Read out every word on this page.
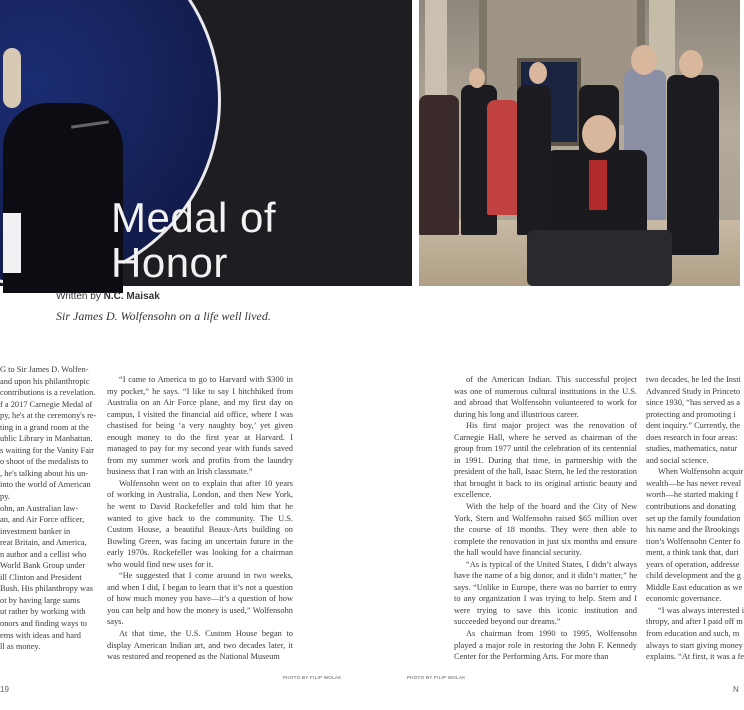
Medal of
Honor
Written by N.C. Maisak
Sir James D. Wolfensohn on a life well lived.
G to Sir James D. Wolfen-
and upon his philanthropic
contributions is a revelation.
f a 2017 Carnegie Medal of
py, he's at the ceremony's re-
ting in a grand room at the
ublic Library in Manhattan.
s waiting for the Vanity Fair
o shoot of the medalists to
, he's talking about his un-
into the world of American
py.
ohn, an Australian law-
an, and Air Force officer,
investment banker in
reat Britain, and America,
n author and a cellist who
World Bank Group under
ill Clinton and President
Bush. His philanthropy was
ot by having large sums
ut rather by working with
onors and finding ways to
ems with ideas and hard
ll as money.

“I came to America to go to Harvard with $300 in my pocket,” he says. “I like to say I hitchhiked from Australia on an Air Force plane, and my first day on campus, I visited the financial aid office, where I was chastised for being ‘a very naughty boy,’ yet given enough money to do the first year at Harvard. I managed to pay for my second year with funds saved from my summer work and profits from the laundry business that I ran with an Irish classmate.”

Wolfensohn went on to explain that after 10 years of working in Australia, London, and then New York, he went to David Rockefeller and told him that he wanted to give back to the community. The U.S. Custom House, a beautiful Beaux-Arts building on Bowling Green, was facing an uncertain future in the early 1970s. Rockefeller was looking for a chairman who would find new uses for it.

“He suggested that I come around in two weeks, and when I did, I began to learn that it’s not a question of how much money you have—it’s a question of how you can help and how the money is used,” Wolfensohn says.

At that time, the U.S. Custom House began to display American Indian art, and two decades later, it was restored and reopened as the National Museum

of the American Indian. This successful project was one of numerous cultural institutions in the U.S. and abroad that Wolfensohn volunteered to work for during his long and illustrious career.

His first major project was the renovation of Carnegie Hall, where he served as chairman of the group from 1977 until the celebration of its centennial in 1991. During that time, in partnership with the president of the hall, Isaac Stern, he led the restoration that brought it back to its original artistic beauty and excellence.

With the help of the board and the City of New York, Stern and Wolfensohn raised $65 million over the course of 18 months. They were then able to complete the renovation in just six months and ensure the hall would have financial security.

“As is typical of the United States, I didn’t always have the name of a big donor, and it didn’t matter,” he says. “Unlike in Europe, there was no barrier to entry to any organization I was trying to help. Stern and I were trying to save this iconic institution and succeeded beyond our dreams.”

As chairman from 1990 to 1995, Wolfensohn played a major role in restoring the John F. Kennedy Center for the Performing Arts. For more than

two decades, he led the Insti
Advanced Study in Princeto
since 1930, “has served as a
protecting and promoting i
dent inquiry.” Currently, the
does research in four areas:
studies, mathematics, natur
and social science.
When Wolfensohn acquir
wealth—he has never reveal
worth—he started making f
contributions and donating
set up the family foundation
his name and the Brookings
tion’s Wolfensohn Center fo
ment, a think tank that, duri
years of operation, addresse
child development and the g
Middle East education as we
economic governance.
“I was always interested i
thropy, and after I paid off m
from education and such, m
always to start giving money
explains. “At first, it was a fe
PHOTO BY FILIP WOLAK	PHOTO BY FILIP WOLAK
19	N
